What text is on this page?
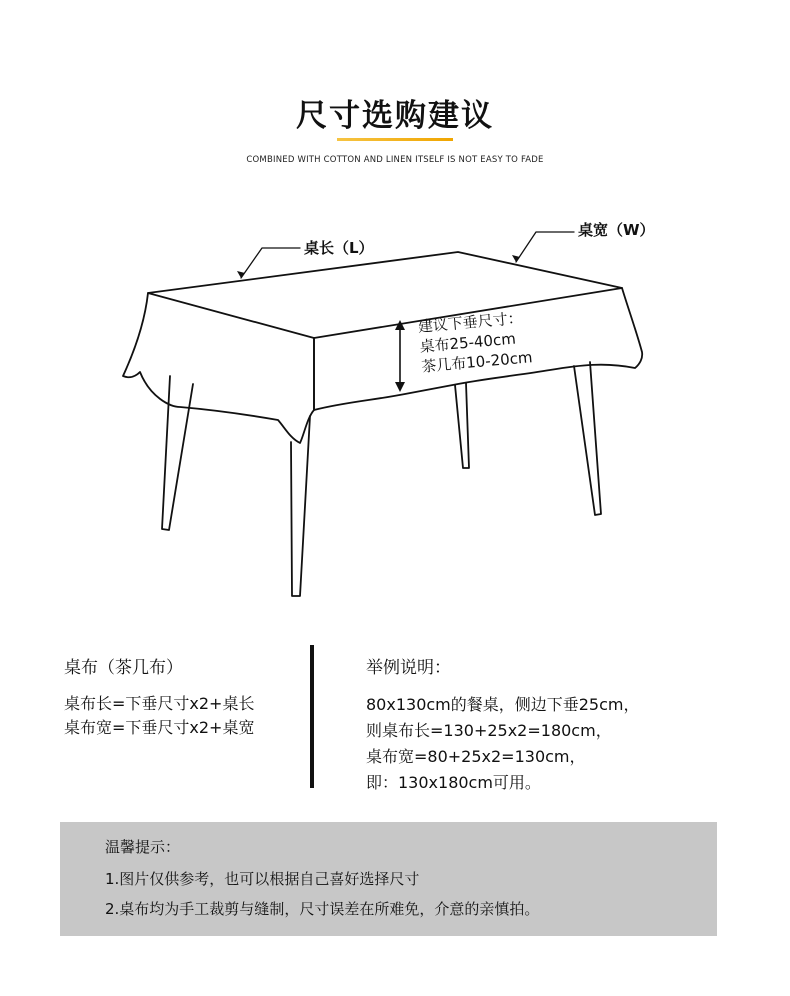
尺寸选购建议
COMBINED WITH COTTON AND LINEN ITSELF IS NOT EASY TO FADE
桌长（L）
桌宽（W）
建议下垂尺寸：
桌布25-40cm
茶几布10-20cm
桌布（茶几布）
桌布长=下垂尺寸x2+桌长
桌布宽=下垂尺寸x2+桌宽
举例说明：
80x130cm的餐桌，侧边下垂25cm，
则桌布长=130+25x2=180cm，
桌布宽=80+25x2=130cm，
即：130x180cm可用。
温馨提示：
1.图片仅供参考，也可以根据自己喜好选择尺寸
2.桌布均为手工裁剪与缝制，尺寸误差在所难免，介意的亲慎拍。
